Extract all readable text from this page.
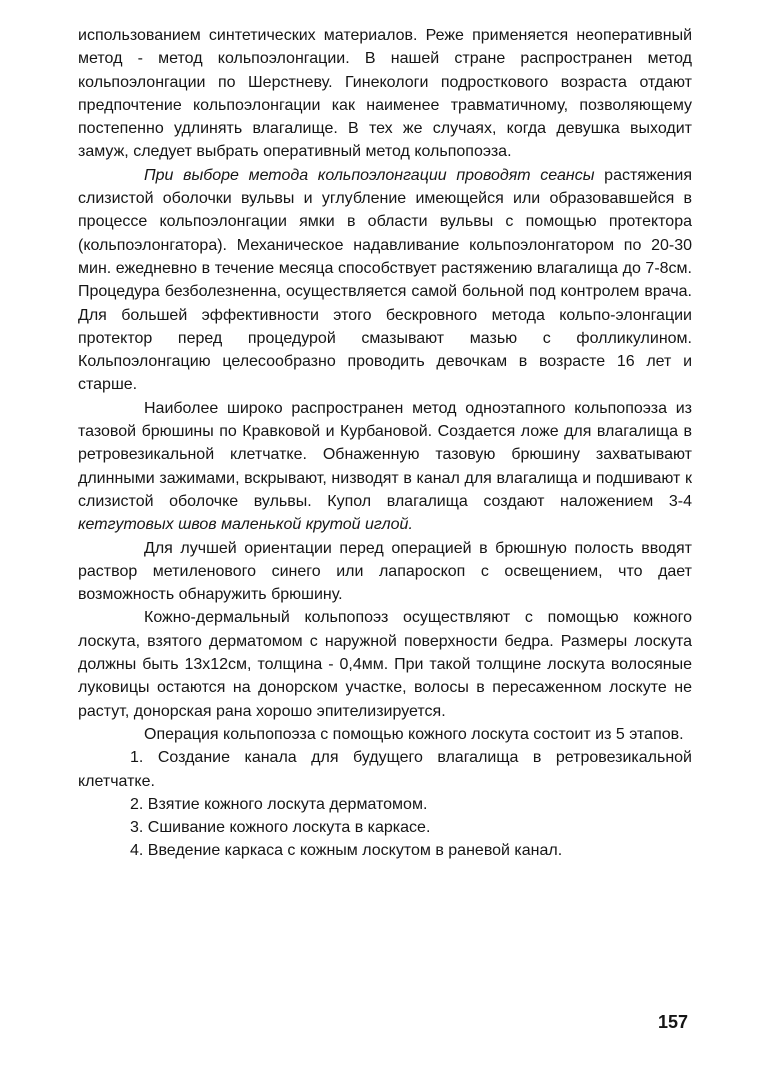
использованием синтетических материалов. Реже применяется неоперативный метод - метод кольпоэлонгации. В нашей стране распространен метод кольпоэлонгации по Шерстневу. Гинекологи подросткового возраста отдают предпочтение кольпоэлонгации как наименее травматичному, позволяющему постепенно удлинять влагалище. В тех же случаях, когда девушка выходит замуж, следует выбрать оперативный метод кольпопоэза.

При выборе метода кольпоэлонгации проводят сеансы растяжения слизистой оболочки вульвы и углубление имеющейся или образовавшейся в процессе кольпоэлонгации ямки в области вульвы с помощью протектора (кольпоэлонгатора). Механическое надавливание кольпоэлонгатором по 20-30 мин. ежедневно в течение месяца способствует растяжению влагалища до 7-8см. Процедура безболезненна, осуществляется самой больной под контролем врача. Для большей эффективности этого бескровного метода кольпо-элонгации протектор перед процедурой смазывают мазью с фолликулином. Кольпоэлонгацию целесообразно проводить девочкам в возрасте 16 лет и старше.

Наиболее широко распространен метод одноэтапного кольпопоэза из тазовой брюшины по Кравковой и Курбановой. Создается ложе для влагалища в ретровезикальной клетчатке. Обнаженную тазовую брюшину захватывают длинными зажимами, вскрывают, низводят в канал для влагалища и подшивают к слизистой оболочке вульвы. Купол влагалища создают наложением 3-4 кетгутовых швов маленькой крутой иглой.

Для лучшей ориентации перед операцией в брюшную полость вводят раствор метиленового синего или лапароскоп с освещением, что дает возможность обнаружить брюшину.

Кожно-дермальный кольпопоэз осуществляют с помощью кожного лоскута, взятого дерматомом с наружной поверхности бедра. Размеры лоскута должны быть 13х12см, толщина - 0,4мм. При такой толщине лоскута волосяные луковицы остаются на донорском участке, волосы в пересаженном лоскуте не растут, донорская рана хорошо эпителизируется.

Операция кольпопоэза с помощью кожного лоскута состоит из 5 этапов.

1. Создание канала для будущего влагалища в ретровезикальной клетчатке.

2. Взятие кожного лоскута дерматомом.

3. Сшивание кожного лоскута в каркасе.

4. Введение каркаса с кожным лоскутом в раневой канал.

157
